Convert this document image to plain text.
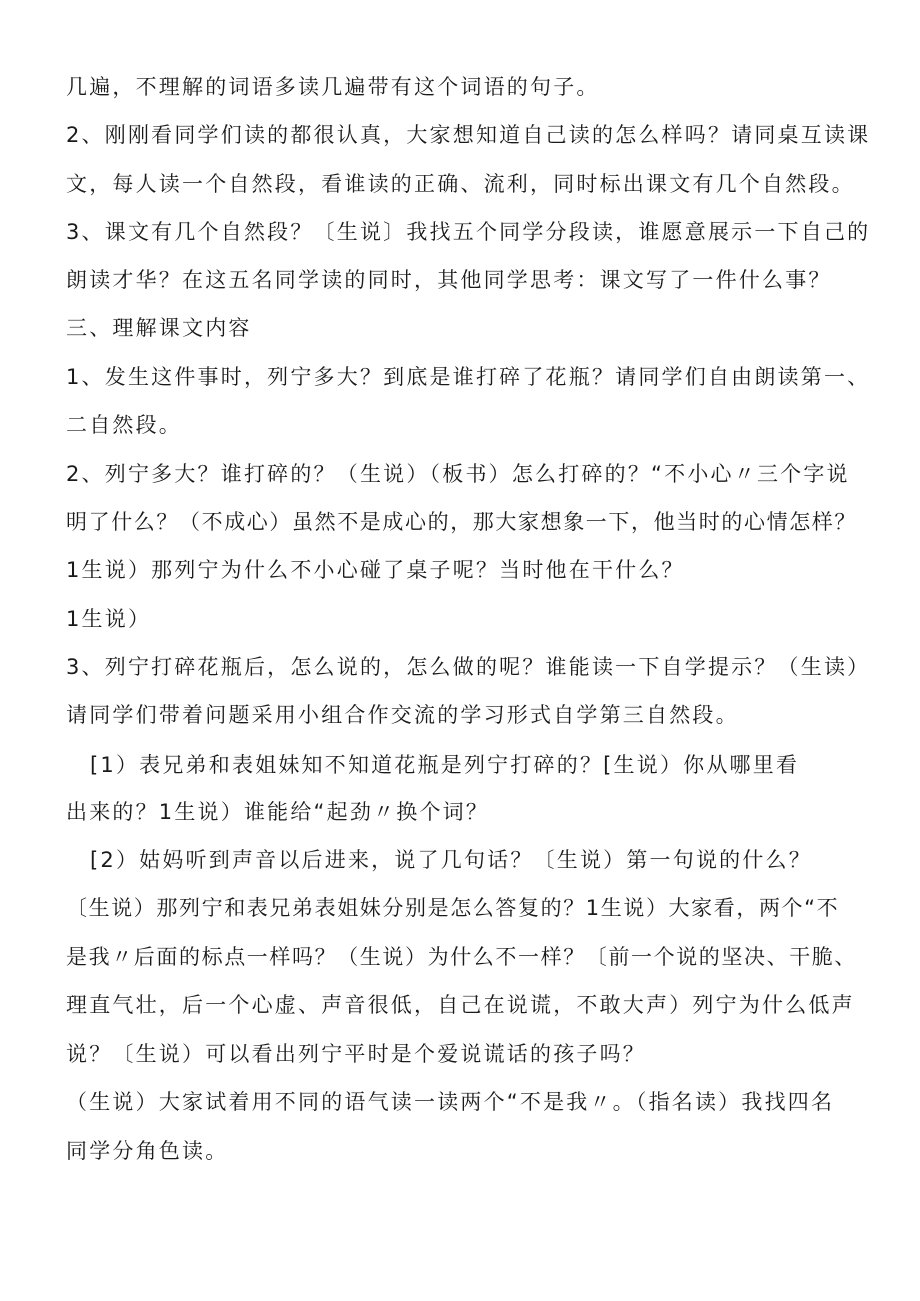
几遍，不理解的词语多读几遍带有这个词语的句子。
2、刚刚看同学们读的都很认真，大家想知道自己读的怎么样吗？请同桌互读课
文，每人读一个自然段，看谁读的正确、流利，同时标出课文有几个自然段。
3、课文有几个自然段？〔生说〕我找五个同学分段读，谁愿意展示一下自己的
朗读才华？在这五名同学读的同时，其他同学思考：课文写了一件什么事？
三、理解课文内容
1、发生这件事时，列宁多大？到底是谁打碎了花瓶？请同学们自由朗读第一、
二自然段。
2、列宁多大？谁打碎的？（生说）（板书）怎么打碎的？“不小心〃三个字说
明了什么？（不成心）虽然不是成心的，那大家想象一下，他当时的心情怎样？
1生说）那列宁为什么不小心碰了桌子呢？当时他在干什么？
1生说）
3、列宁打碎花瓶后，怎么说的，怎么做的呢？谁能读一下自学提示？（生读）
请同学们带着问题采用小组合作交流的学习形式自学第三自然段。
[1）表兄弟和表姐妹知不知道花瓶是列宁打碎的？[生说）你从哪里看
出来的？1生说）谁能给“起劲〃换个词？
[2）姑妈听到声音以后进来，说了几句话？〔生说）第一句说的什么？
〔生说）那列宁和表兄弟表姐妹分别是怎么答复的？1生说）大家看，两个“不
是我〃后面的标点一样吗？（生说）为什么不一样？〔前一个说的坚决、干脆、
理直气壮，后一个心虚、声音很低，自己在说谎，不敢大声）列宁为什么低声
说？〔生说）可以看出列宁平时是个爱说谎话的孩子吗？
（生说）大家试着用不同的语气读一读两个“不是我〃。（指名读）我找四名
同学分角色读。
